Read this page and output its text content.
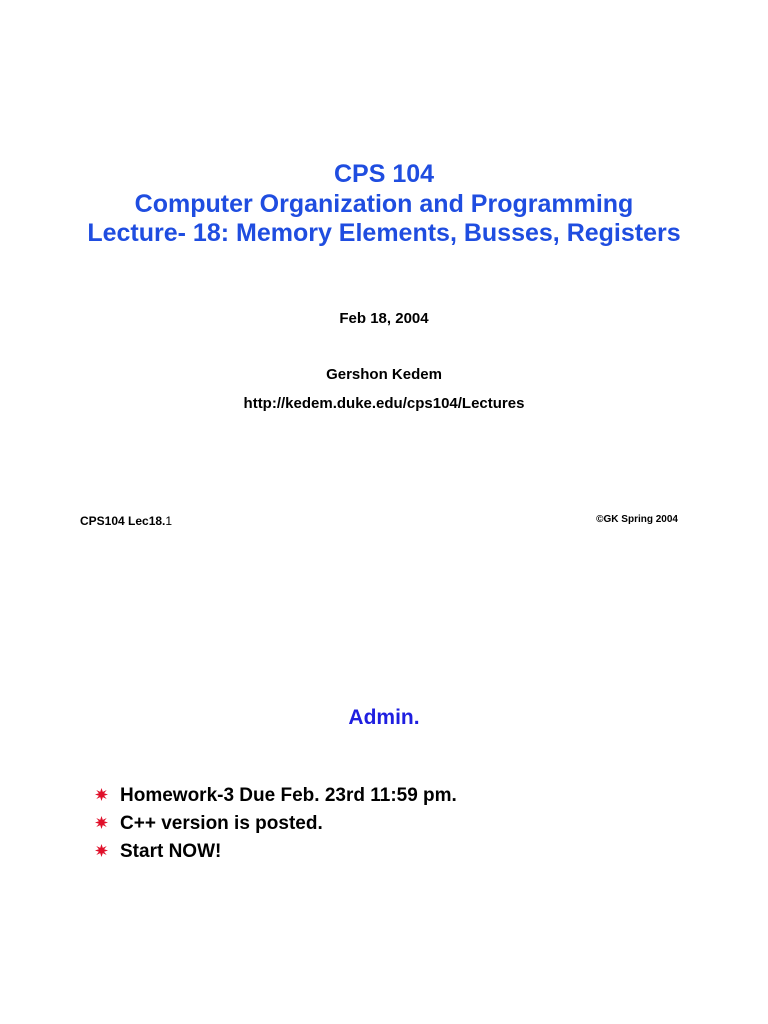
CPS 104
Computer Organization and Programming
Lecture- 18: Memory Elements, Busses, Registers
Feb 18, 2004
Gershon Kedem
http://kedem.duke.edu/cps104/Lectures
CPS104 Lec18.1	©GK Spring 2004
Admin.
Homework-3 Due Feb. 23rd 11:59 pm.
C++ version is posted.
Start NOW!
